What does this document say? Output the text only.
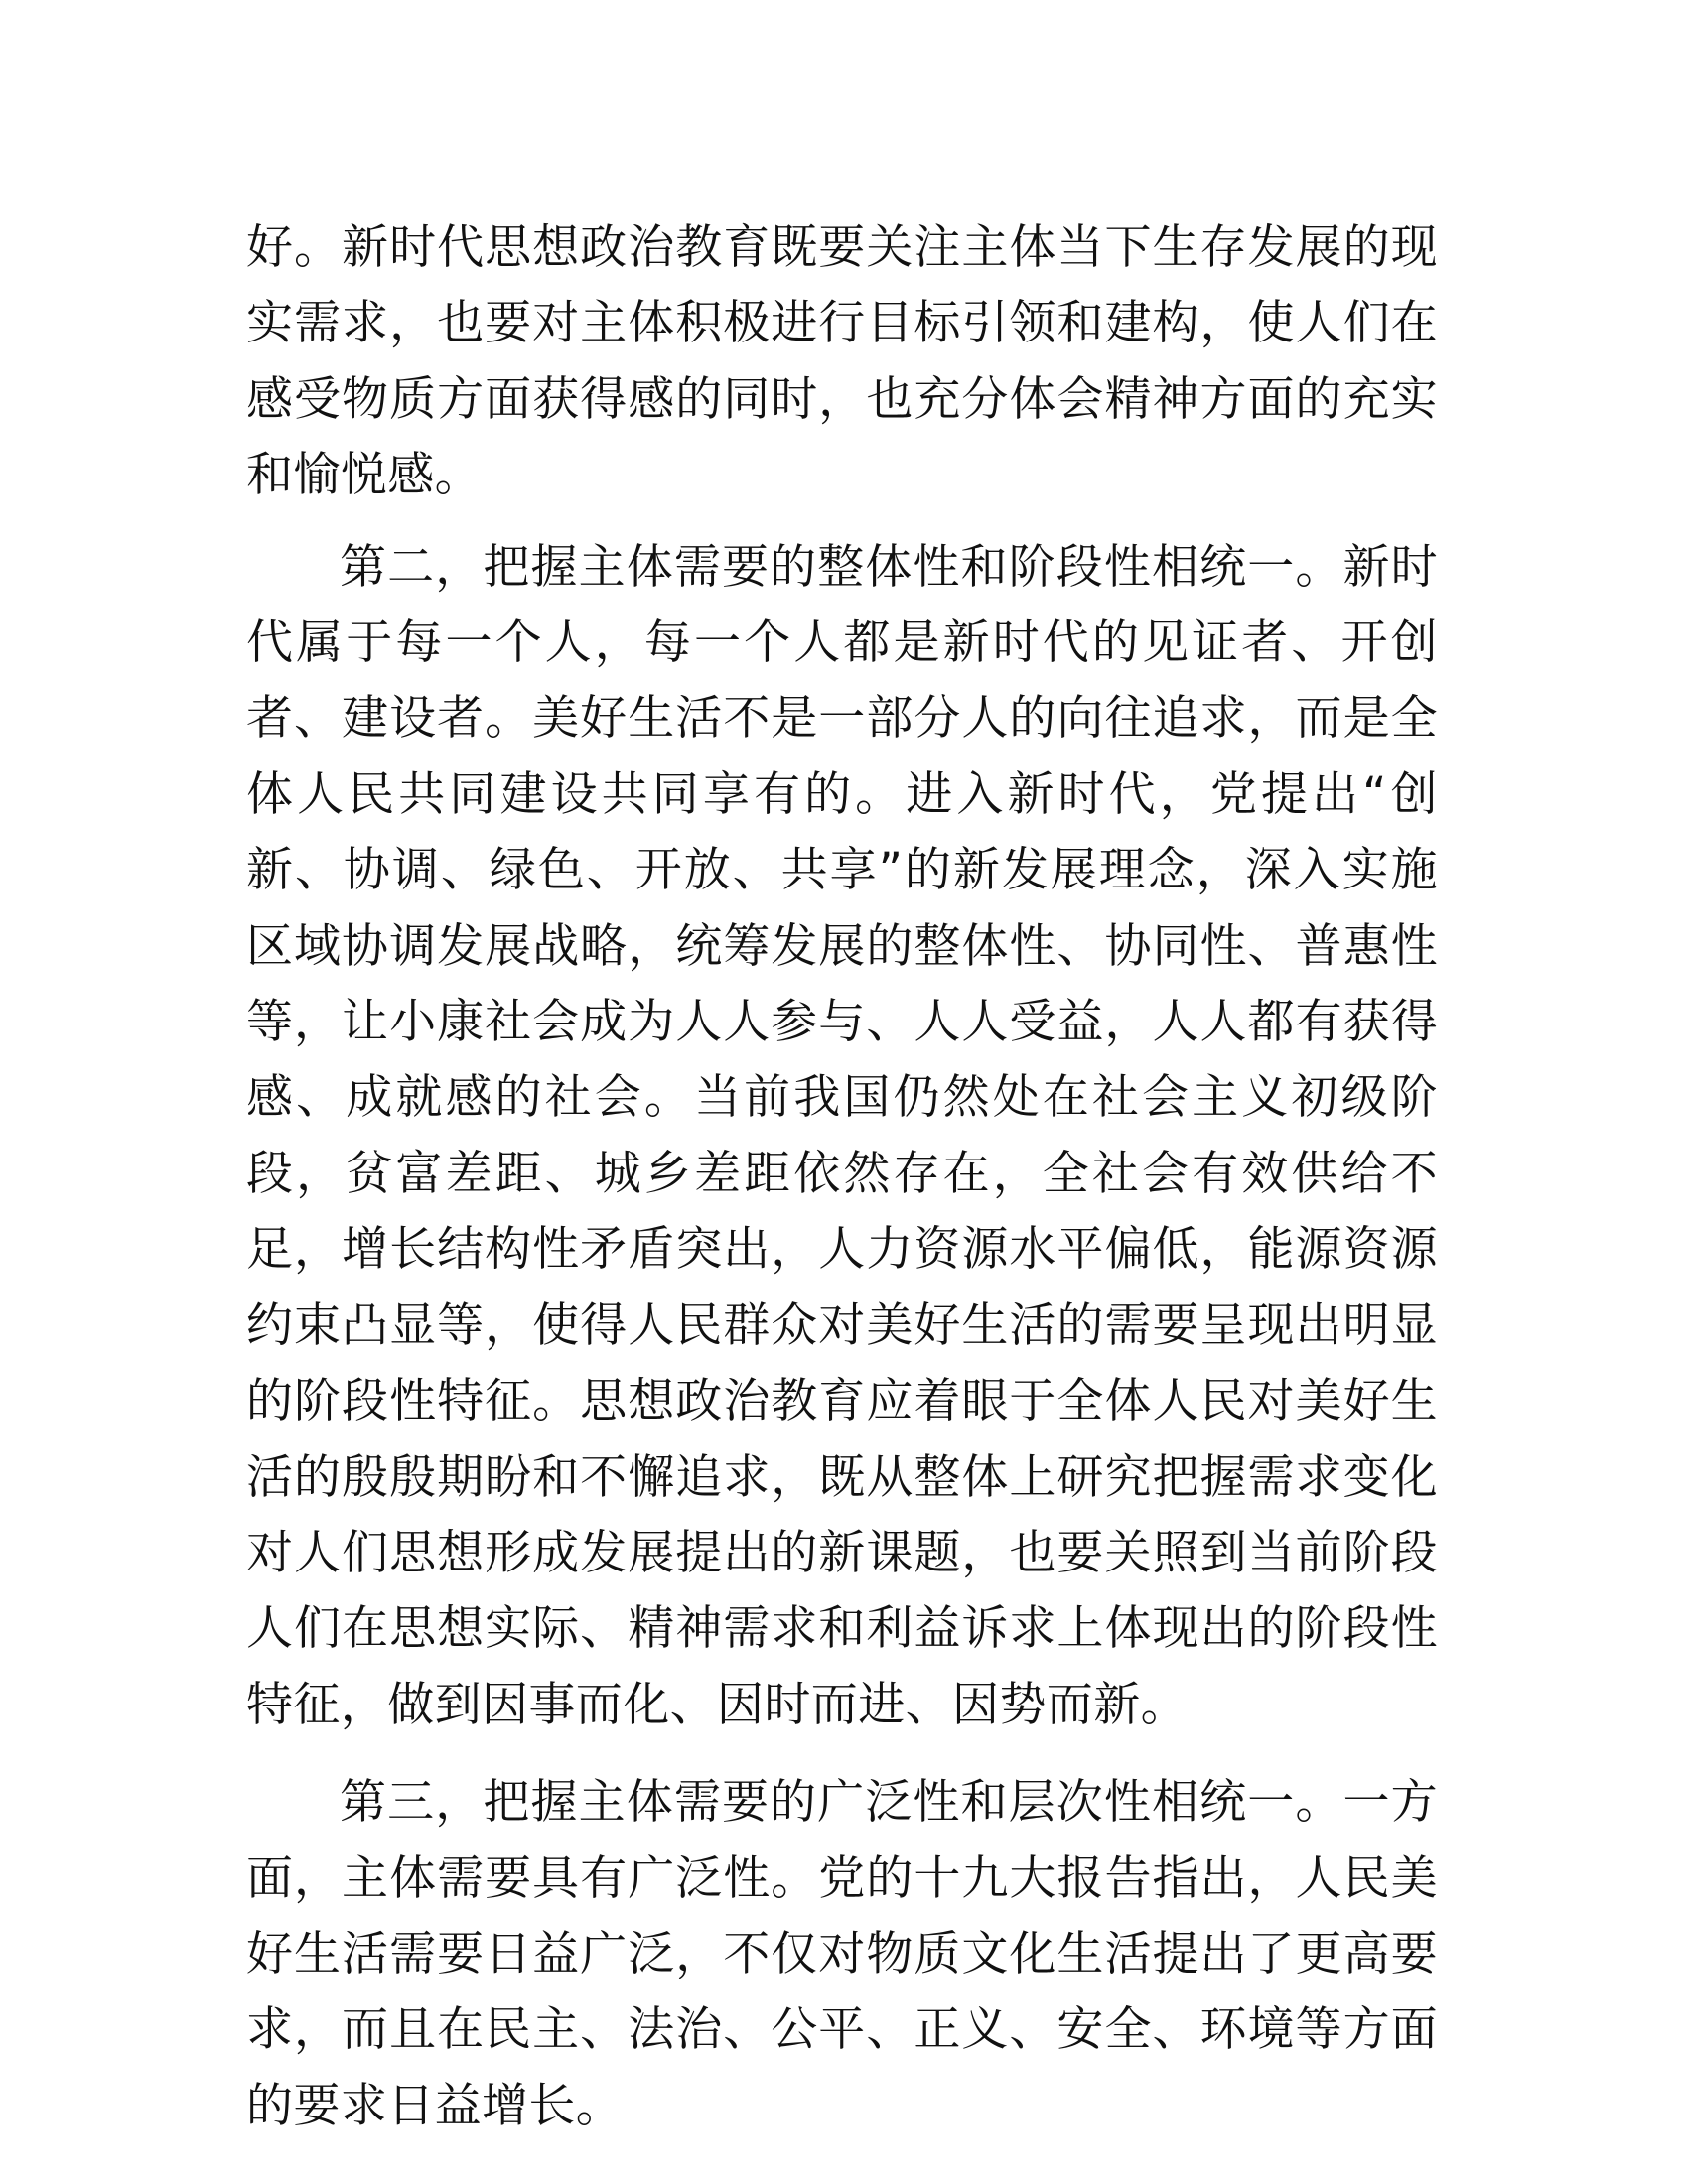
好。新时代思想政治教育既要关注主体当下生存发展的现实需求，也要对主体积极进行目标引领和建构，使人们在感受物质方面获得感的同时，也充分体会精神方面的充实和愉悦感。

第二，把握主体需要的整体性和阶段性相统一。新时代属于每一个人，每一个人都是新时代的见证者、开创者、建设者。美好生活不是一部分人的向往追求，而是全体人民共同建设共同享有的。进入新时代，党提出“创新、协调、绿色、开放、共享”的新发展理念，深入实施区域协调发展战略，统筹发展的整体性、协同性、普惠性等，让小康社会成为人人参与、人人受益，人人都有获得感、成就感的社会。当前我国仍然处在社会主义初级阶段，贫富差距、城乡差距依然存在，全社会有效供给不足，增长结构性矛盾突出，人力资源水平偏低，能源资源约束凸显等，使得人民群众对美好生活的需要呈现出明显的阶段性特征。思想政治教育应着眼于全体人民对美好生活的殷殷期盼和不懈追求，既从整体上研究把握需求变化对人们思想形成发展提出的新课题，也要关照到当前阶段人们在思想实际、精神需求和利益诉求上体现出的阶段性特征，做到因事而化、因时而进、因势而新。

第三，把握主体需要的广泛性和层次性相统一。一方面，主体需要具有广泛性。党的十九大报告指出，人民美好生活需要日益广泛，不仅对物质文化生活提出了更高要求，而且在民主、法治、公平、正义、安全、环境等方面的要求日益增长。
